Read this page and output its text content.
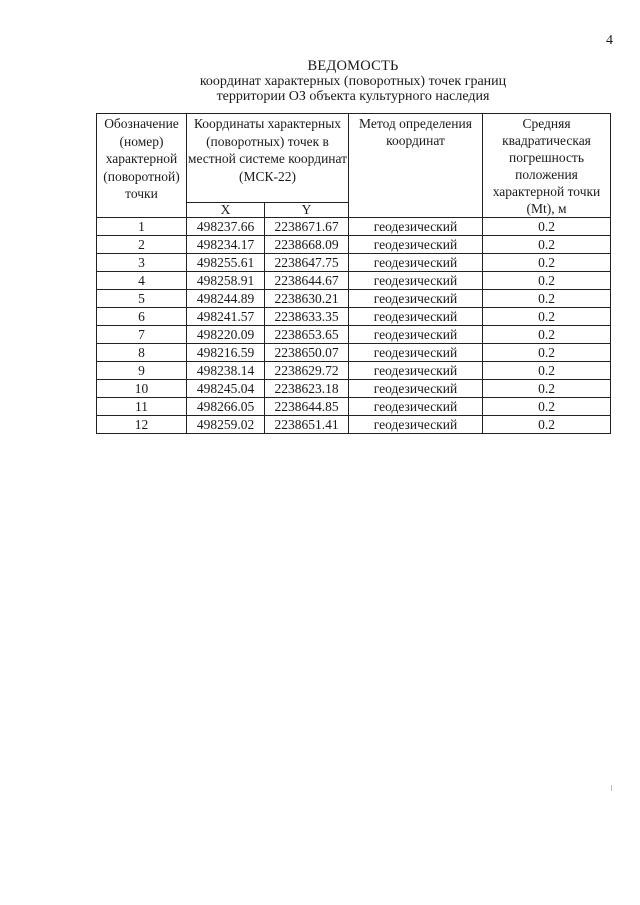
4
ВЕДОМОСТЬ
координат характерных (поворотных) точек границ
территории ОЗ объекта культурного наследия
Обозначение (номер) характерной (поворотной) точки	Координаты характерных (поворотных) точек в местной системе координат (МСК-22)		Метод определения координат	Средняя квадратическая погрешность положения характерной точки (Mt), м
	X	Y		
1	498237.66	2238671.67	геодезический	0.2
2	498234.17	2238668.09	геодезический	0.2
3	498255.61	2238647.75	геодезический	0.2
4	498258.91	2238644.67	геодезический	0.2
5	498244.89	2238630.21	геодезический	0.2
6	498241.57	2238633.35	геодезический	0.2
7	498220.09	2238653.65	геодезический	0.2
8	498216.59	2238650.07	геодезический	0.2
9	498238.14	2238629.72	геодезический	0.2
10	498245.04	2238623.18	геодезический	0.2
11	498266.05	2238644.85	геодезический	0.2
12	498259.02	2238651.41	геодезический	0.2
